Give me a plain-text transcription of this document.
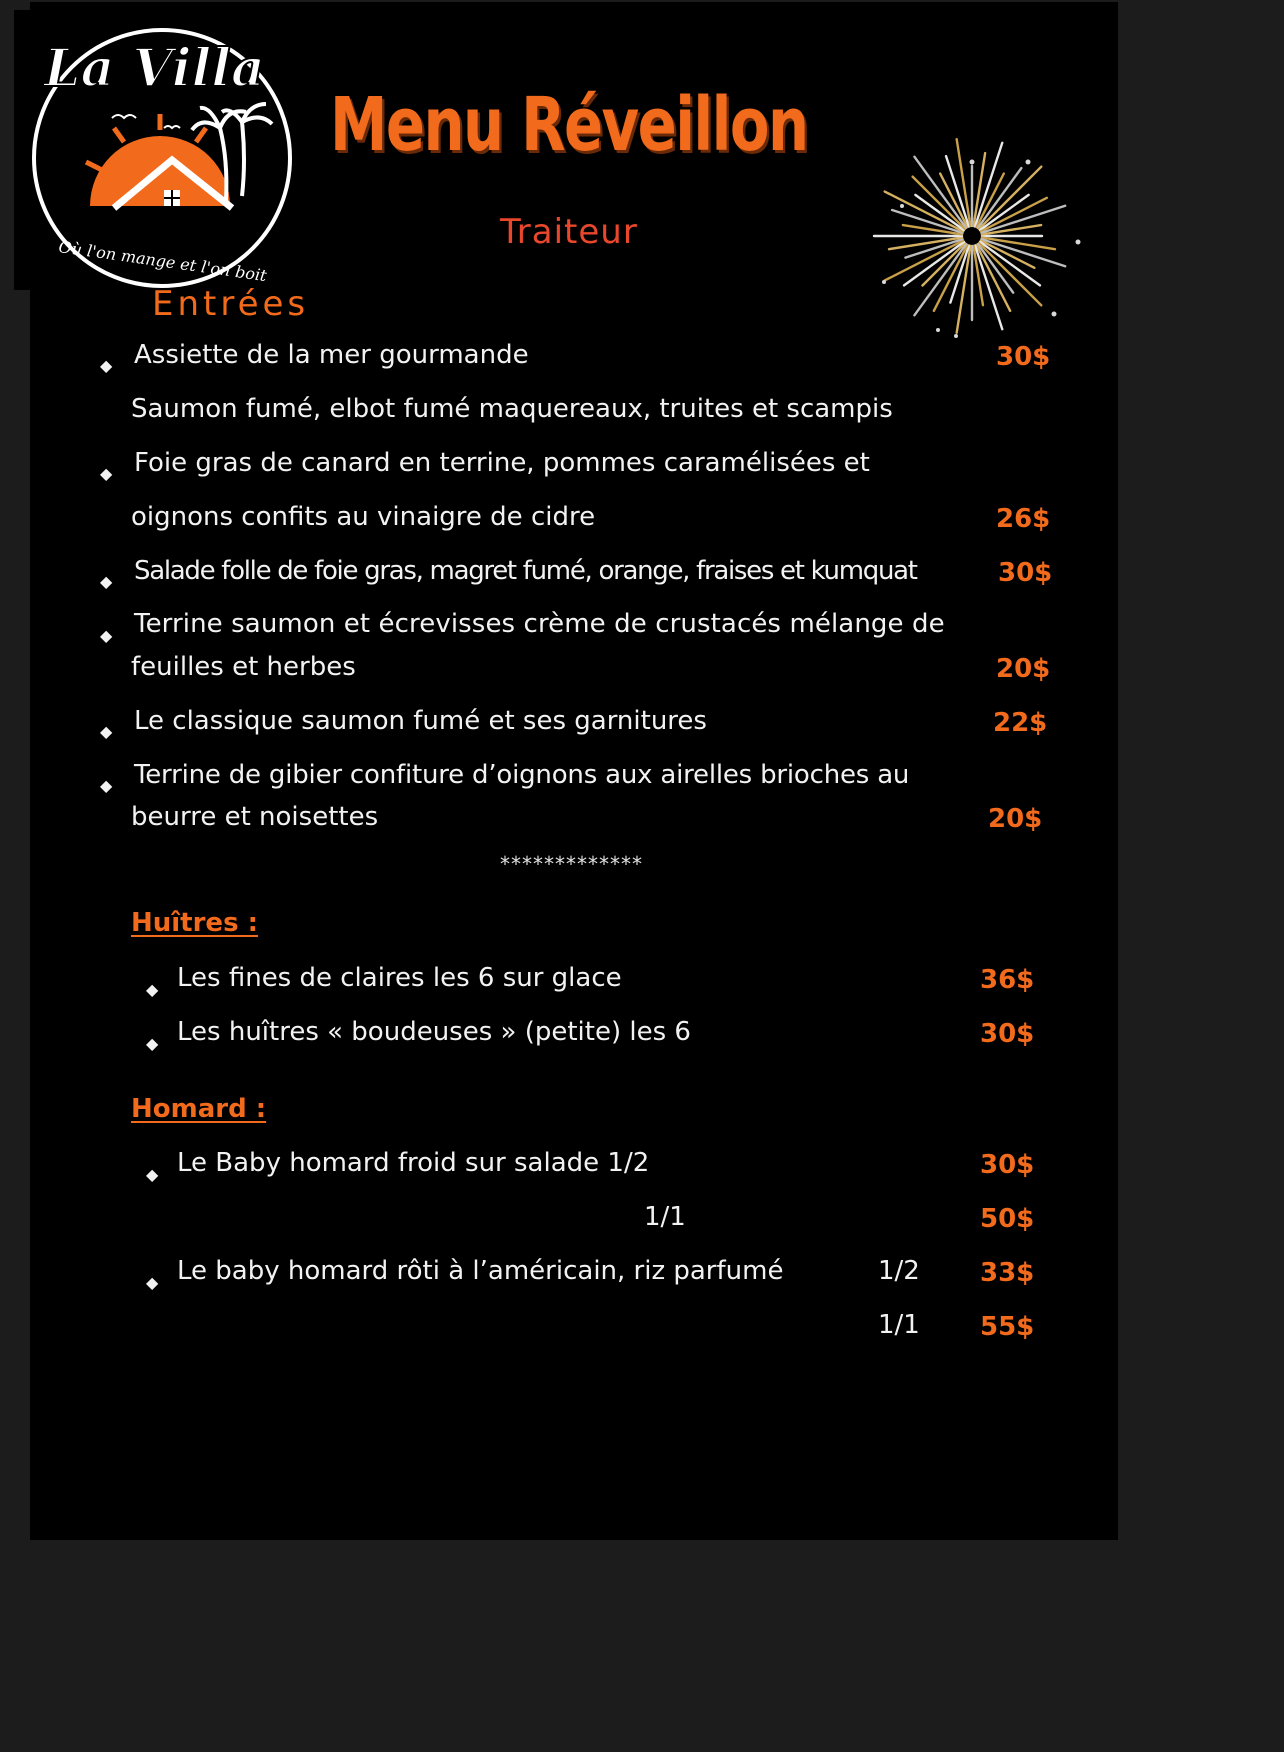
La Villa
Où l'on mange et l'on boit
Menu Réveillon
Traiteur
Entrées
◆ Assiette de la mer gourmande	30$
Saumon fumé, elbot fumé maquereaux, truites et scampis
◆ Foie gras de canard en terrine, pommes caramélisées et
oignons confits au vinaigre de cidre	26$
◆ Salade folle de foie gras, magret fumé, orange, fraises et kumquat	30$
◆ Terrine saumon et écrevisses crème de crustacés mélange de
feuilles et herbes	20$
◆ Le classique saumon fumé et ses garnitures	22$
◆ Terrine de gibier confiture d’oignons aux airelles brioches au
beurre et noisettes	20$
*************
Huîtres :
◆ Les fines de claires les 6 sur glace	36$
◆ Les huîtres « boudeuses » (petite) les 6	30$
Homard :
◆ Le Baby homard froid sur salade 1/2	30$
1/1	50$
◆ Le baby homard rôti à l’américain, riz parfumé	1/2 33$
1/1 55$
